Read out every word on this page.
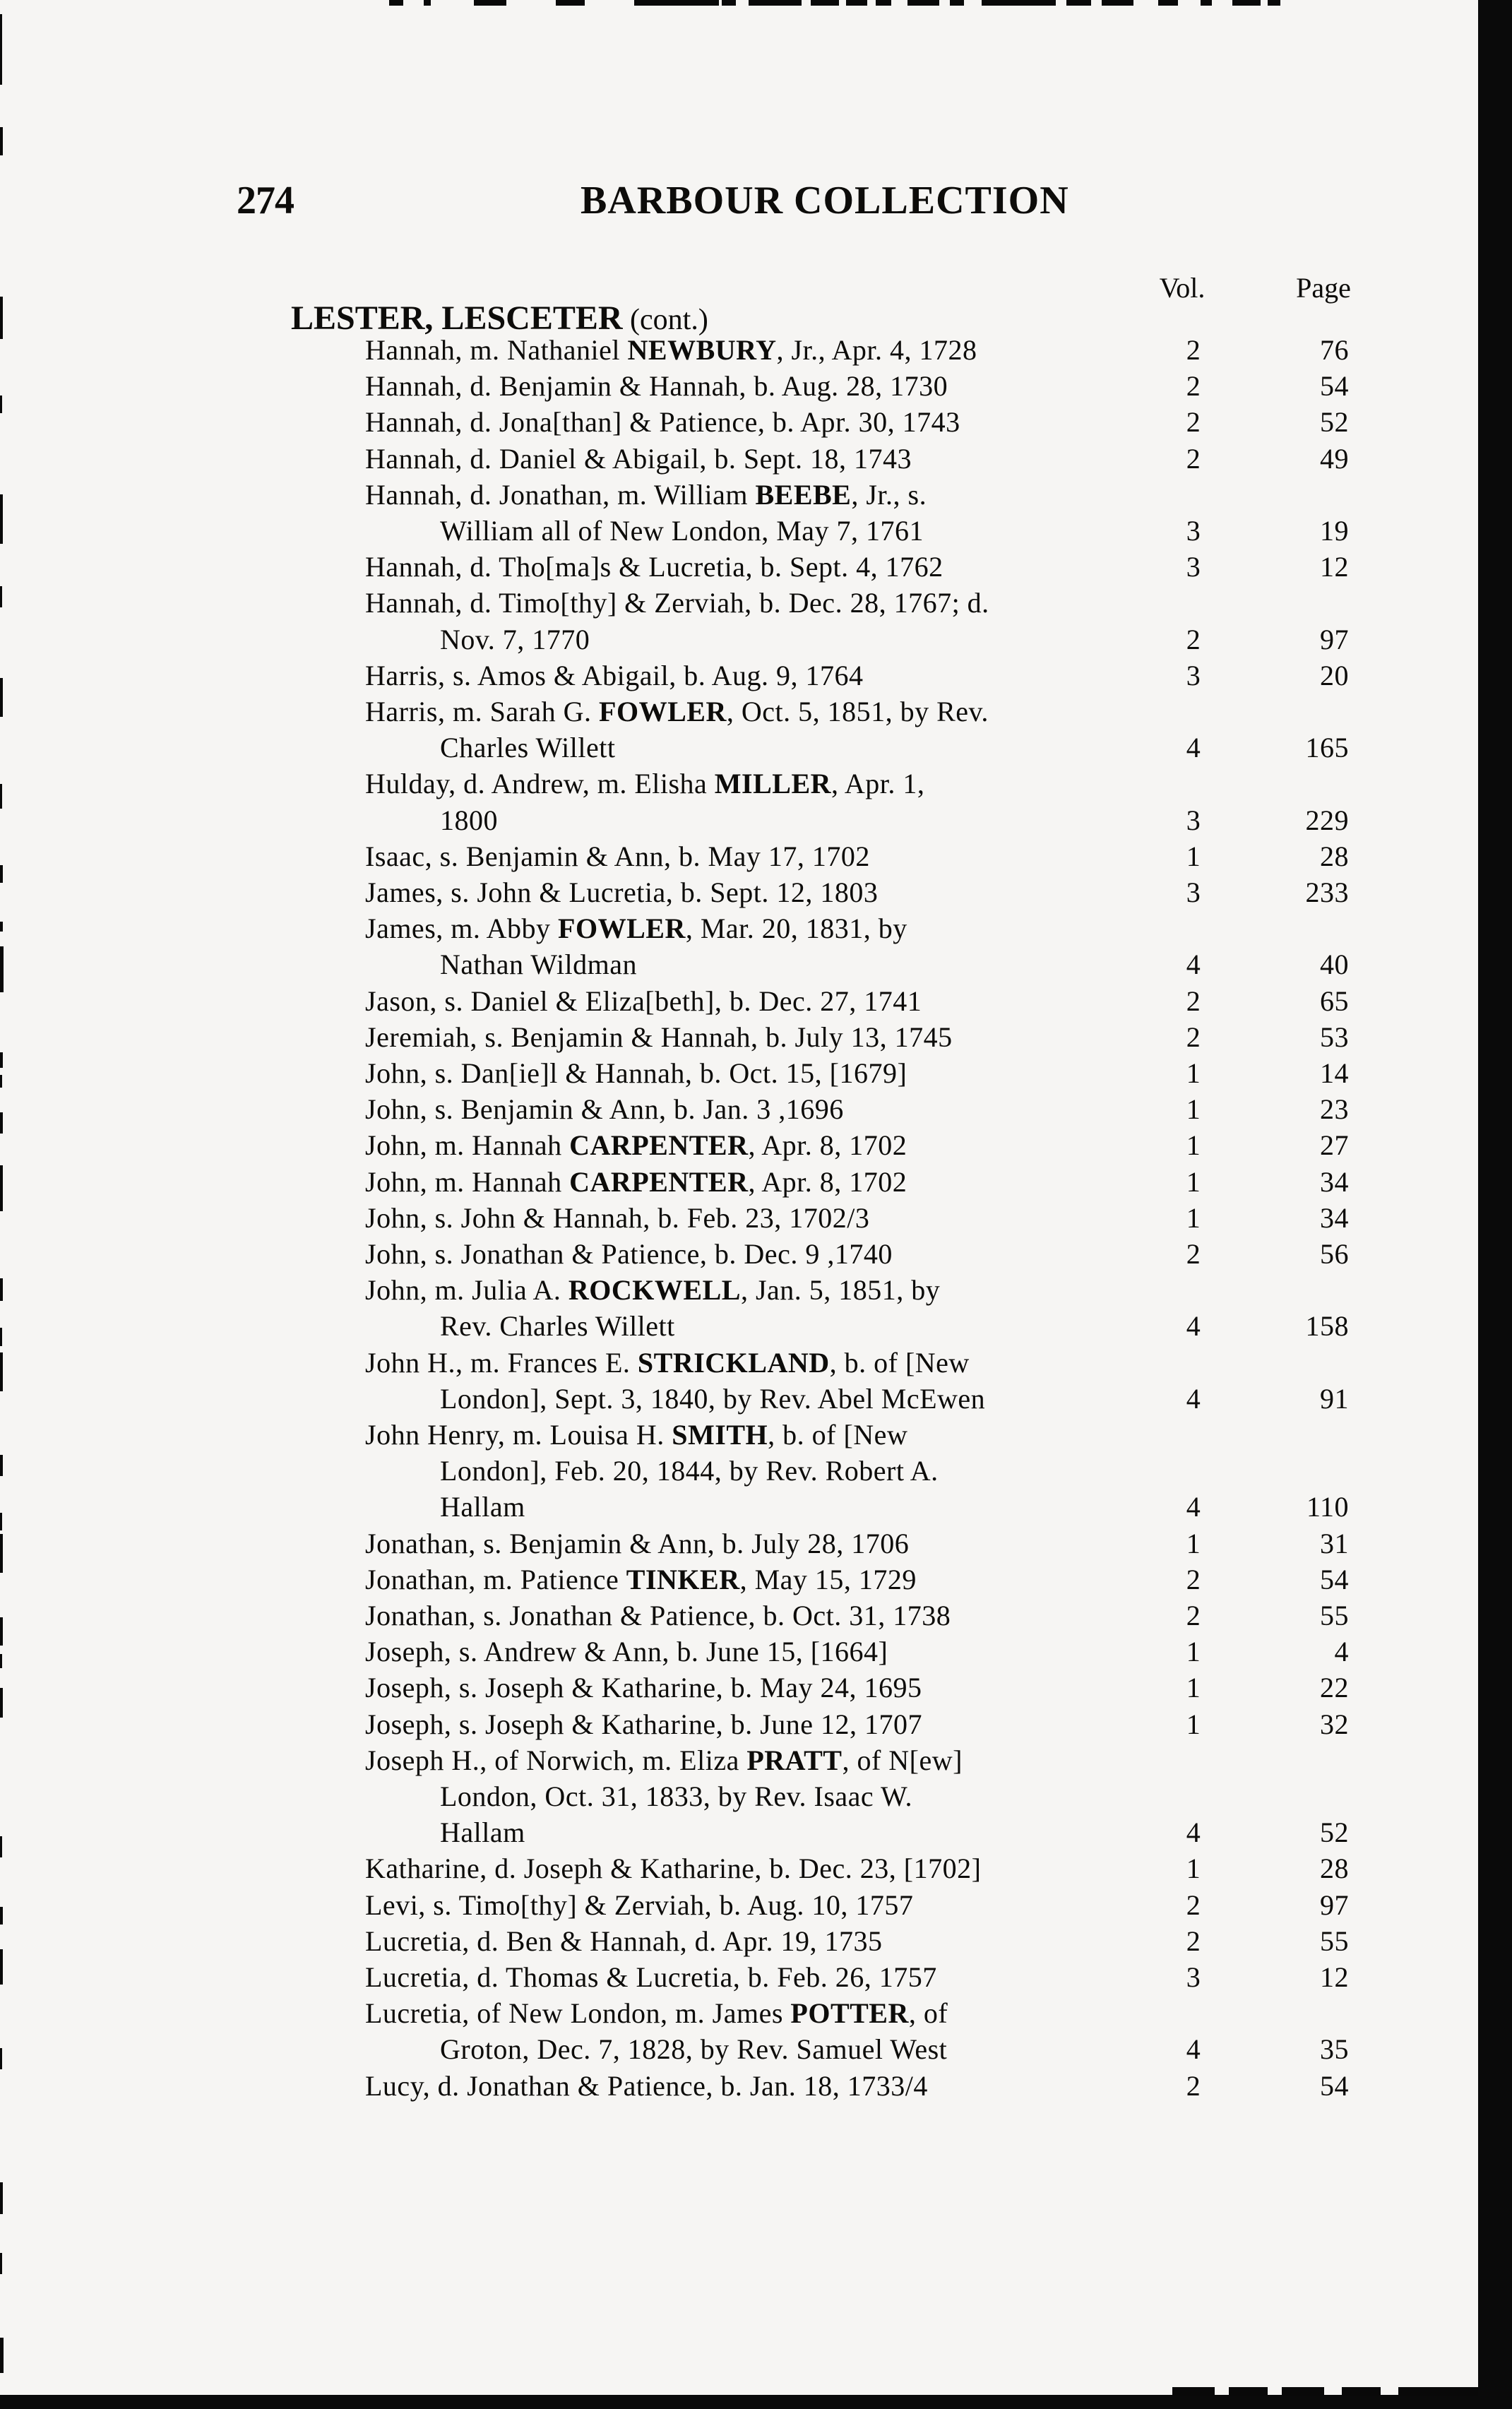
274	BARBOUR COLLECTION
Vol.	Page
LESTER, LESCETER (cont.)
Hannah, m. Nathaniel NEWBURY, Jr., Apr. 4, 1728	2	76
Hannah, d. Benjamin & Hannah, b. Aug. 28, 1730	2	54
Hannah, d. Jona[than] & Patience, b. Apr. 30, 1743	2	52
Hannah, d. Daniel & Abigail, b. Sept. 18, 1743	2	49
Hannah, d. Jonathan, m. William BEEBE, Jr., s.
William all of New London, May 7, 1761	3	19
Hannah, d. Tho[ma]s & Lucretia, b. Sept. 4, 1762	3	12
Hannah, d. Timo[thy] & Zerviah, b. Dec. 28, 1767; d.
Nov. 7, 1770	2	97
Harris, s. Amos & Abigail, b. Aug. 9, 1764	3	20
Harris, m. Sarah G. FOWLER, Oct. 5, 1851, by Rev.
Charles Willett	4	165
Hulday, d. Andrew, m. Elisha MILLER, Apr. 1,
1800	3	229
Isaac, s. Benjamin & Ann, b. May 17, 1702	1	28
James, s. John & Lucretia, b. Sept. 12, 1803	3	233
James, m. Abby FOWLER, Mar. 20, 1831, by
Nathan Wildman	4	40
Jason, s. Daniel & Eliza[beth], b. Dec. 27, 1741	2	65
Jeremiah, s. Benjamin & Hannah, b. July 13, 1745	2	53
John, s. Dan[ie]l & Hannah, b. Oct. 15, [1679]	1	14
John, s. Benjamin & Ann, b. Jan. 3 ,1696	1	23
John, m. Hannah CARPENTER, Apr. 8, 1702	1	27
John, m. Hannah CARPENTER, Apr. 8, 1702	1	34
John, s. John & Hannah, b. Feb. 23, 1702/3	1	34
John, s. Jonathan & Patience, b. Dec. 9 ,1740	2	56
John, m. Julia A. ROCKWELL, Jan. 5, 1851, by
Rev. Charles Willett	4	158
John H., m. Frances E. STRICKLAND, b. of [New
London], Sept. 3, 1840, by Rev. Abel McEwen	4	91
John Henry, m. Louisa H. SMITH, b. of [New
London], Feb. 20, 1844, by Rev. Robert A.
Hallam	4	110
Jonathan, s. Benjamin & Ann, b. July 28, 1706	1	31
Jonathan, m. Patience TINKER, May 15, 1729	2	54
Jonathan, s. Jonathan & Patience, b. Oct. 31, 1738	2	55
Joseph, s. Andrew & Ann, b. June 15, [1664]	1	4
Joseph, s. Joseph & Katharine, b. May 24, 1695	1	22
Joseph, s. Joseph & Katharine, b. June 12, 1707	1	32
Joseph H., of Norwich, m. Eliza PRATT, of N[ew]
London, Oct. 31, 1833, by Rev. Isaac W.
Hallam	4	52
Katharine, d. Joseph & Katharine, b. Dec. 23, [1702]	1	28
Levi, s. Timo[thy] & Zerviah, b. Aug. 10, 1757	2	97
Lucretia, d. Ben & Hannah, d. Apr. 19, 1735	2	55
Lucretia, d. Thomas & Lucretia, b. Feb. 26, 1757	3	12
Lucretia, of New London, m. James POTTER, of
Groton, Dec. 7, 1828, by Rev. Samuel West	4	35
Lucy, d. Jonathan & Patience, b. Jan. 18, 1733/4	2	54
